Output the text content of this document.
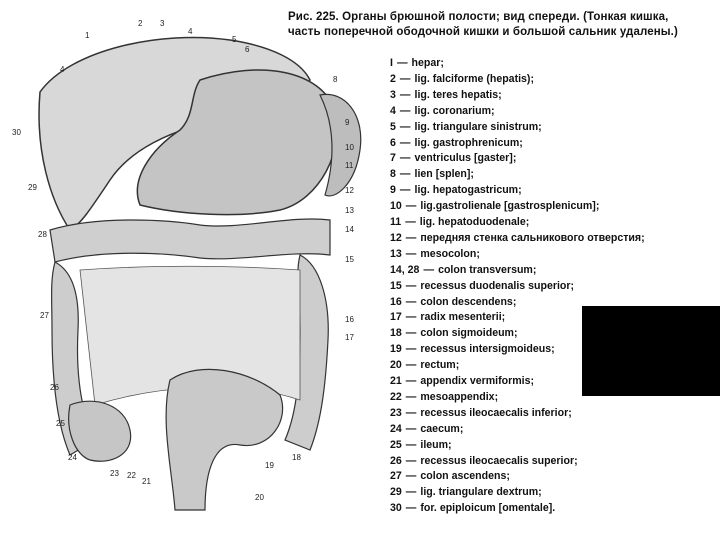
Рис. 225. Органы брюшной полости; вид спереди. (Тонкая кишка,
часть поперечной ободочной кишки и большой сальник удалены.)
1
2 3
4
5
6
4
8
9
10
11
12
13
14
15
16
17
18
19
20
21
22
23
24
25
26
27
28
29
30
I — hepar;
2 — lig. falciforme (hepatis);
3 — lig. teres hepatis;
4 — lig. coronarium;
5 — lig. triangulare sinistrum;
6 — lig. gastrophrenicum;
7 — ventriculus [gaster];
8 — lien [splen];
9 — lig. hepatogastricum;
10 — lig.gastrolienale [gastrosplenicum];
11 — lig. hepatoduodenale;
12 — передняя стенка сальникового отверстия;
13 — mesocolon;
14, 28 — colon transversum;
15 — recessus duodenalis superior;
16 — colon descendens;
17 — radix mesenterii;
18 — colon sigmoideum;
19 — recessus intersigmoideus;
20 — rectum;
21 — appendix vermiformis;
22 — mesoappendix;
23 — recessus ileocaecalis inferior;
24 — caecum;
25 — ileum;
26 — recessus ileocaecalis superior;
27 — colon ascendens;
29 — lig. triangulare dextrum;
30 — for. epiploicum [omentale].
